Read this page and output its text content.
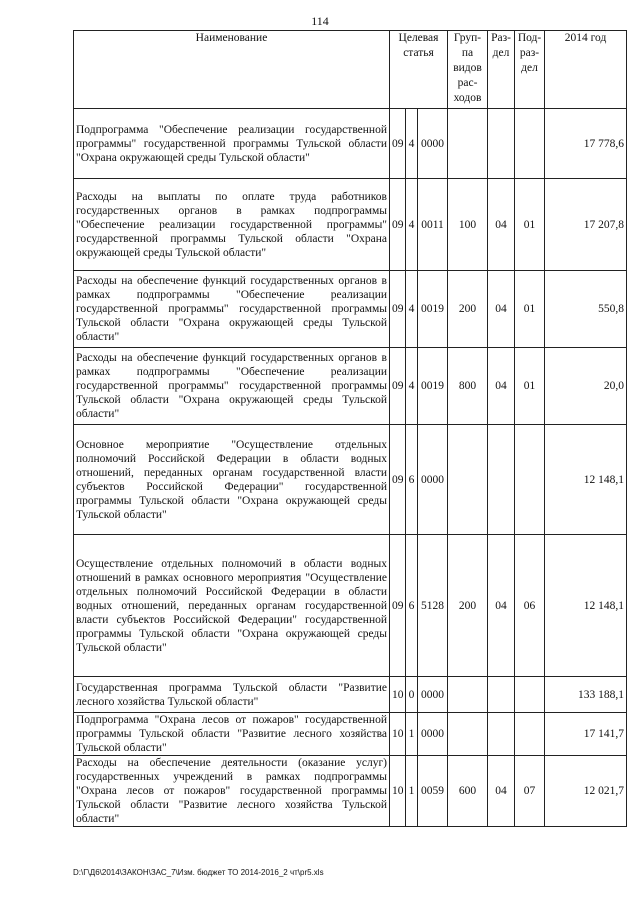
114
Наименование	Целевая статья			Груп-па видов рас-ходов	Раз-дел	Под-раз-дел	2014 год
Подпрограмма "Обеспечение реализации государственной программы" государственной программы Тульской области "Охрана окружающей среды Тульской области"	09	4	0000				17 778,6
Расходы на выплаты по оплате труда работников государственных органов в рамках подпрограммы "Обеспечение реализации государственной программы" государственной программы Тульской области "Охрана окружающей среды Тульской области"	09	4	0011	100	04	01	17 207,8
Расходы на обеспечение функций государственных органов в рамках подпрограммы "Обеспечение реализации государственной программы" государственной программы Тульской области "Охрана окружающей среды Тульской области"	09	4	0019	200	04	01	550,8
Расходы на обеспечение функций государственных органов в рамках подпрограммы "Обеспечение реализации государственной программы" государственной программы Тульской области "Охрана окружающей среды Тульской области"	09	4	0019	800	04	01	20,0
Основное мероприятие "Осуществление отдельных полномочий Российской Федерации в области водных отношений, переданных органам государственной власти субъектов Российской Федерации" государственной программы Тульской области "Охрана окружающей среды Тульской области"	09	6	0000				12 148,1
Осуществление отдельных полномочий в области водных отношений в рамках основного мероприятия "Осуществление отдельных полномочий Российской Федерации в области водных отношений, переданных органам государственной власти субъектов Российской Федерации" государственной программы Тульской области "Охрана окружающей среды Тульской области"	09	6	5128	200	04	06	12 148,1
Государственная программа Тульской области "Развитие лесного хозяйства Тульской области"	10	0	0000				133 188,1
Подпрограмма "Охрана лесов от пожаров" государственной программы Тульской области "Развитие лесного хозяйства Тульской области"	10	1	0000				17 141,7
Расходы на обеспечение деятельности (оказание услуг) государственных учреждений в рамках подпрограммы "Охрана лесов от пожаров" государственной программы Тульской области "Развитие лесного хозяйства Тульской области"	10	1	0059	600	04	07	12 021,7
D:\Г\Д6\2014\ЗАКОН\ЗАС_7\Изм. бюджет ТО 2014-2016_2 чт\pr5.xls
